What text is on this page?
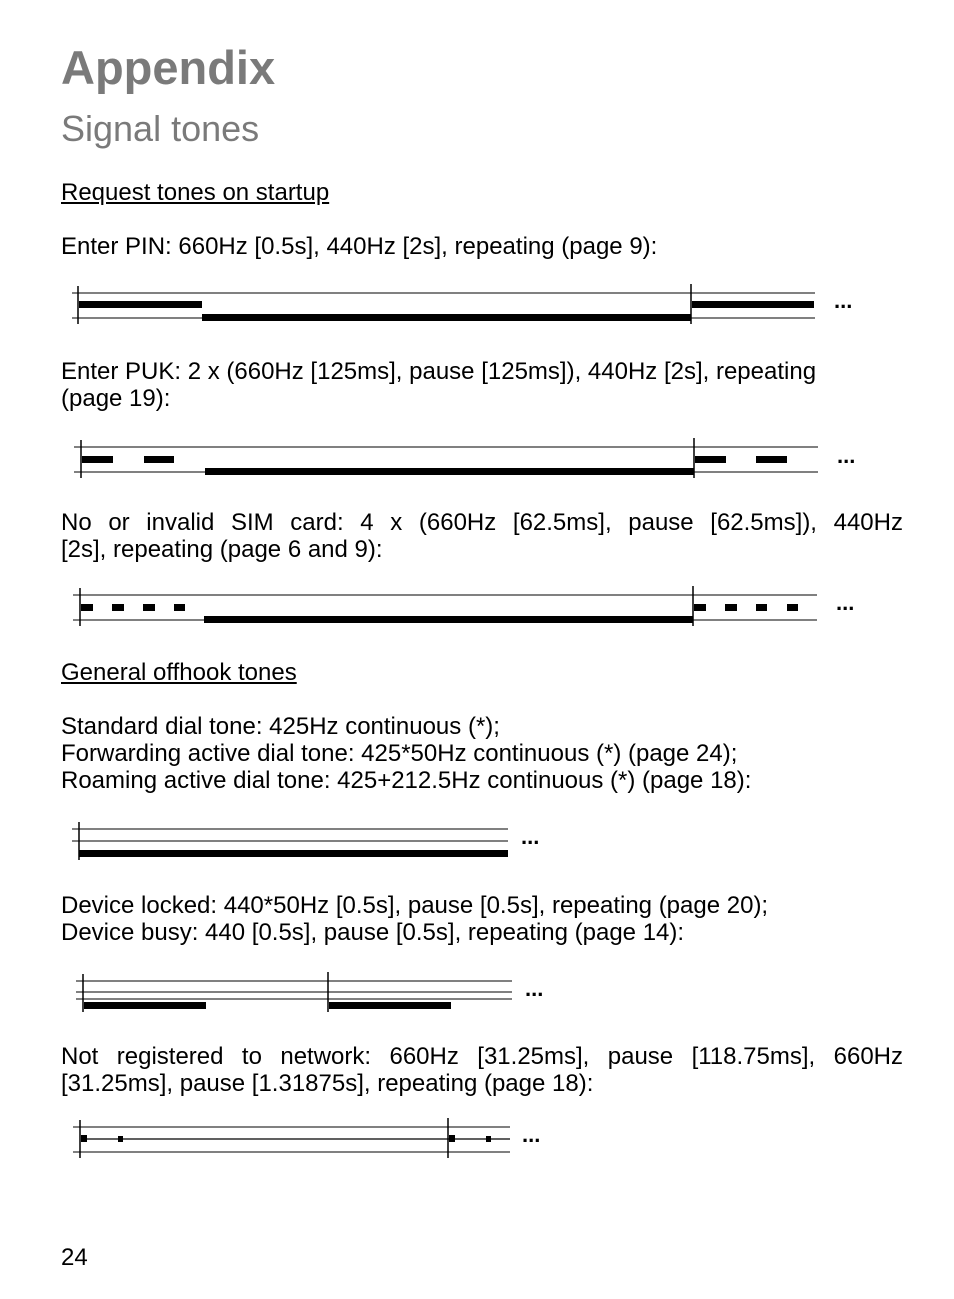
Appendix
Signal tones
Request tones on startup
Enter PIN: 660Hz [0.5s], 440Hz [2s], repeating (page 9):
...
Enter PUK: 2 x (660Hz [125ms], pause [125ms]), 440Hz [2s], repeating
(page 19):
...
No or invalid SIM card: 4 x (660Hz [62.5ms], pause [62.5ms]), 440Hz
[2s], repeating (page 6 and 9):
...
General offhook tones
Standard dial tone: 425Hz continuous (*);
Forwarding active dial tone: 425*50Hz continuous (*) (page 24);
Roaming active dial tone: 425+212.5Hz continuous (*) (page 18):
...
Device locked: 440*50Hz [0.5s], pause [0.5s], repeating (page 20);
Device busy: 440 [0.5s], pause [0.5s], repeating (page 14):
...
Not registered to network: 660Hz [31.25ms], pause [118.75ms], 660Hz
[31.25ms], pause [1.31875s], repeating (page 18):
...
24
